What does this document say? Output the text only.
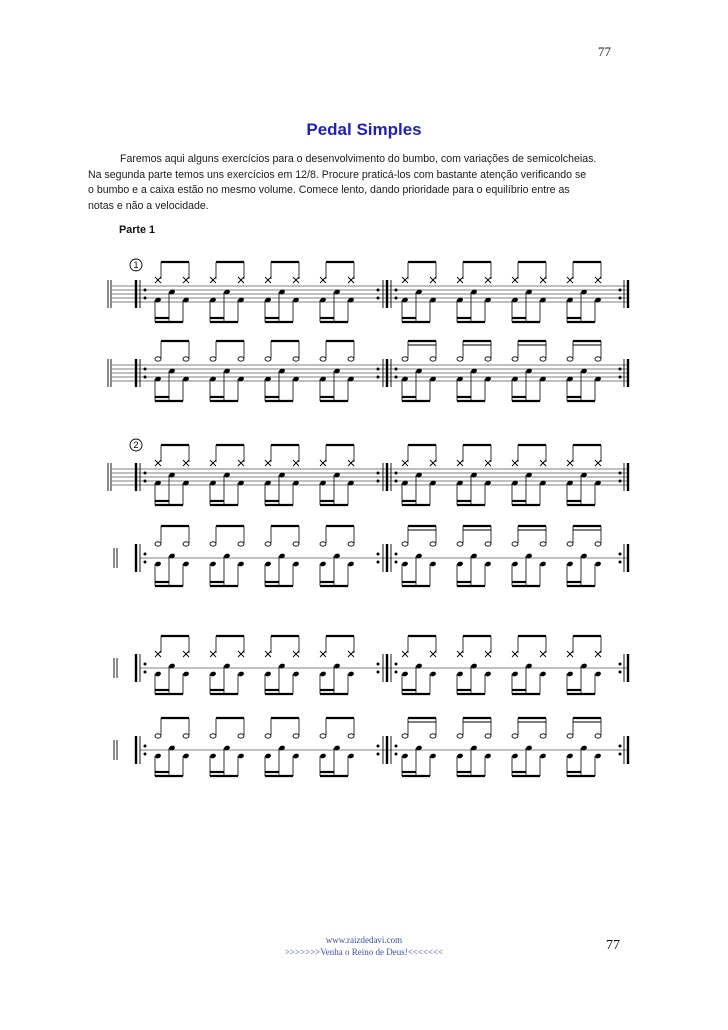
77
Pedal Simples

Faremos aqui alguns exercícios para o desenvolvimento do bumbo, com variações de semicolcheias.

Na segunda parte temos uns exercícios em 12/8. Procure praticá-los com bastante atenção verificando se

o bumbo e a caixa estão no mesmo volume. Comece lento, dando prioridade para o equilíbrio entre as

notas e não a velocidade.

Parte 1
1
2
www.raizdedavi.com
>>>>>>>Venha o Reino de Deus!<<<<<<<	77
